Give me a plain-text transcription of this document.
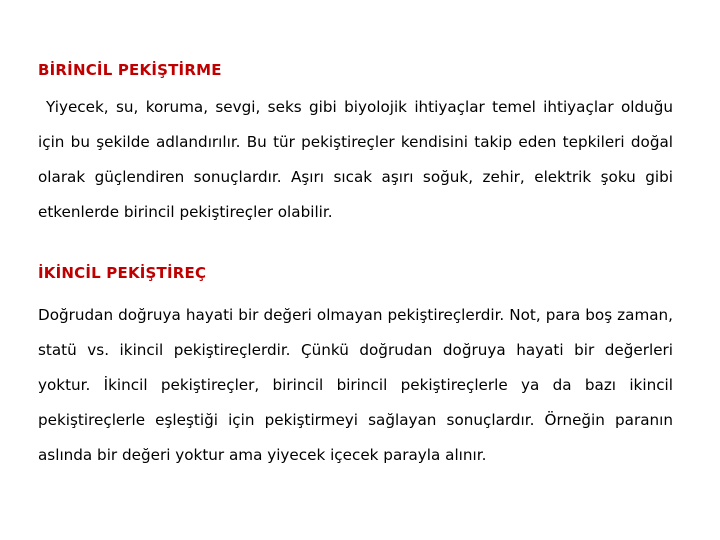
BİRİNCİL PEKİŞTİRME

Yiyecek, su, koruma, sevgi, seks gibi biyolojik ihtiyaçlar temel ihtiyaçlar olduğu için bu şekilde adlandırılır. Bu tür pekiştireçler kendisini takip eden tepkileri doğal olarak güçlendiren sonuçlardır. Aşırı sıcak aşırı soğuk, zehir, elektrik şoku gibi etkenlerde birincil pekiştireçler olabilir.

İKİNCİL PEKİŞTİREÇ

Doğrudan doğruya hayati bir değeri olmayan pekiştireçlerdir. Not, para boş zaman, statü vs. ikincil pekiştireçlerdir. Çünkü doğrudan doğruya hayati bir değerleri yoktur. İkincil pekiştireçler, birincil birincil pekiştireçlerle ya da bazı ikincil pekiştireçlerle eşleştiği için pekiştirmeyi sağlayan sonuçlardır. Örneğin paranın aslında bir değeri yoktur ama yiyecek içecek parayla alınır.
